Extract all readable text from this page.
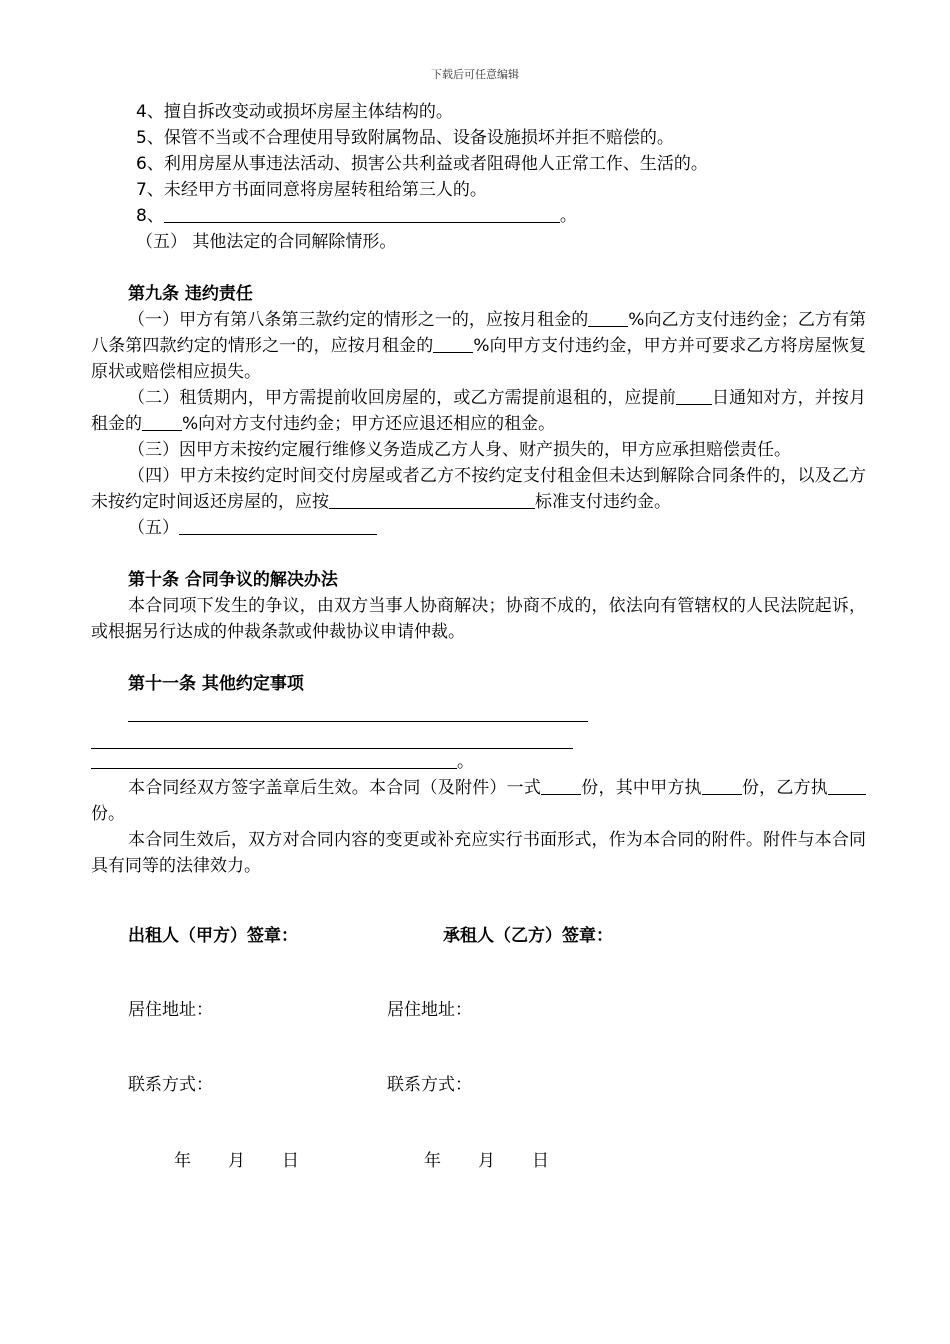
下载后可任意编辑
4、擅自拆改变动或损坏房屋主体结构的。
5、保管不当或不合理使用导致附属物品、设备设施损坏并拒不赔偿的。
6、利用房屋从事违法活动、损害公共利益或者阻碍他人正常工作、生活的。
7、未经甲方书面同意将房屋转租给第三人的。
8、	。
（五） 其他法定的合同解除情形。
第九条 违约责任
（一）甲方有第八条第三款约定的情形之一的，应按月租金的 %向乙方支付违约金；乙方有第八条第四款约定的情形之一的，应按月租金的 %向甲方支付违约金，甲方并可要求乙方将房屋恢复原状或赔偿相应损失。
（二）租赁期内，甲方需提前收回房屋的，或乙方需提前退租的，应提前 日通知对方，并按月租金的 %向对方支付违约金；甲方还应退还相应的租金。
（三）因甲方未按约定履行维修义务造成乙方人身、财产损失的，甲方应承担赔偿责任。
（四）甲方未按约定时间交付房屋或者乙方不按约定支付租金但未达到解除合同条件的，以及乙方未按约定时间返还房屋的，应按	标准支付违约金。
（五）
第十条 合同争议的解决办法
本合同项下发生的争议，由双方当事人协商解决；协商不成的，依法向有管辖权的人民法院起诉，或根据另行达成的仲裁条款或仲裁协议申请仲裁。
第十一条 其他约定事项
。
本合同经双方签字盖章后生效。本合同（及附件）一式 份，其中甲方执 份，乙方执份。
本合同生效后，双方对合同内容的变更或补充应实行书面形式，作为本合同的附件。附件与本合同具有同等的法律效力。
出租人（甲方）签章：	承租人（乙方）签章：
居住地址：	居住地址：
联系方式：	联系方式：
年 月 日	年 月 日
